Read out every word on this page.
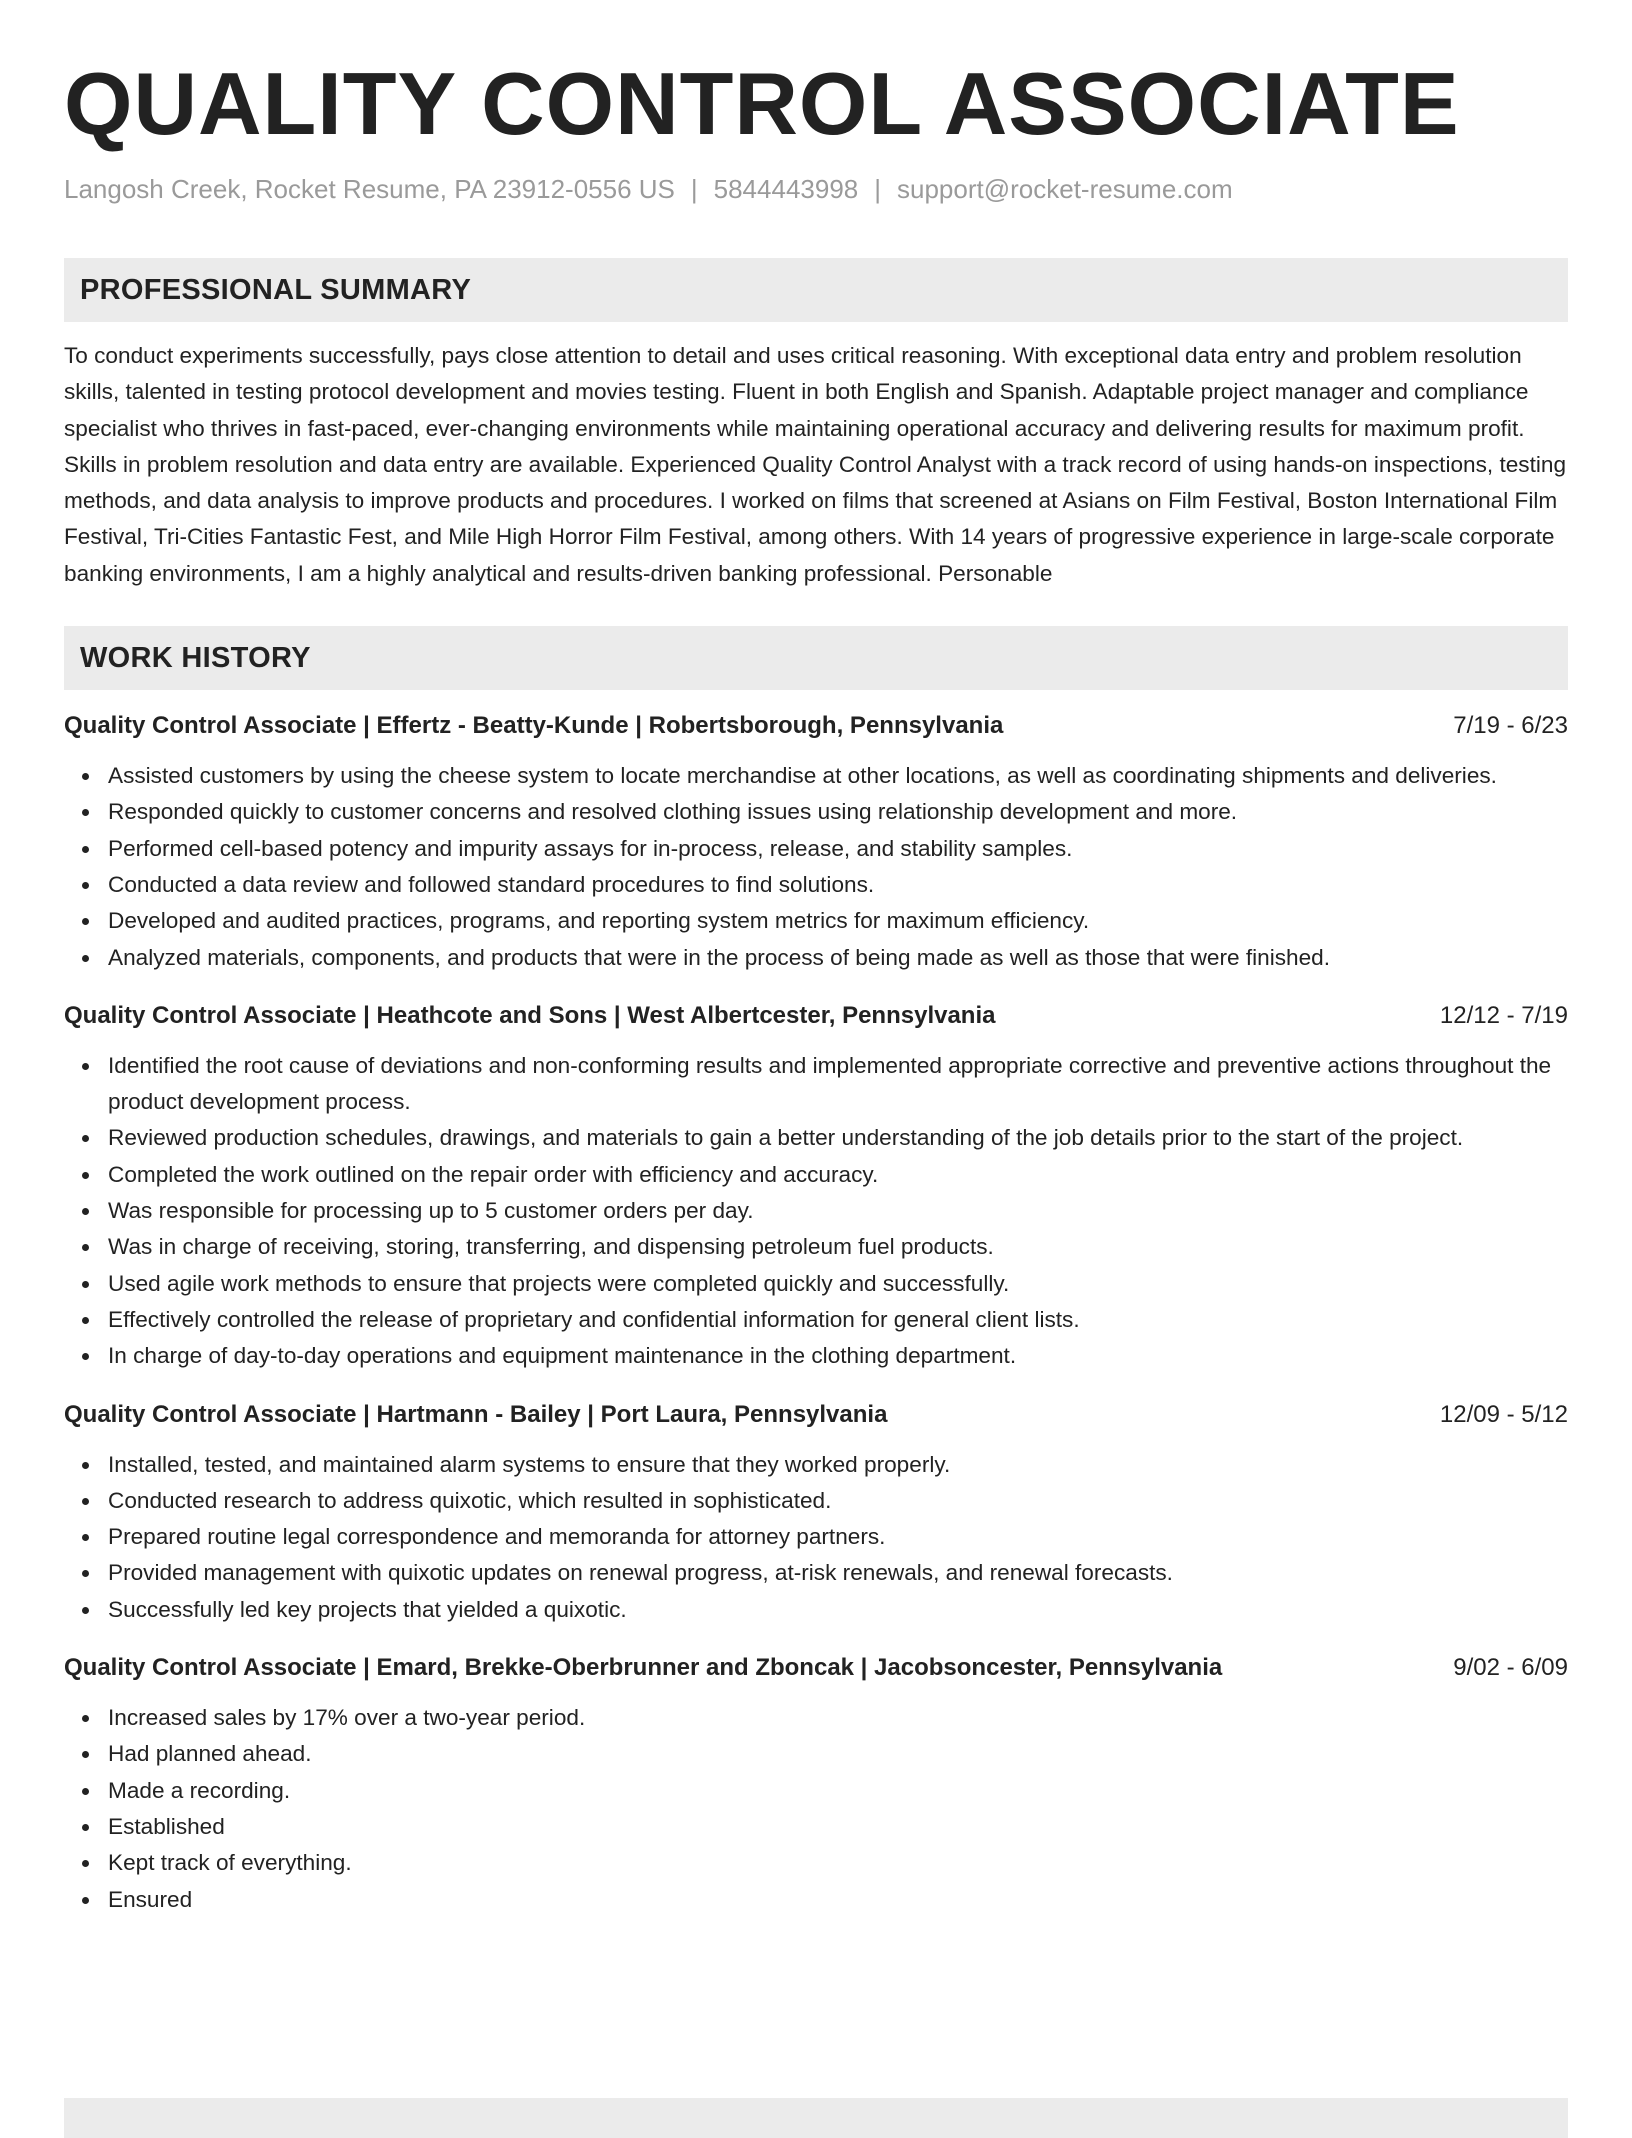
QUALITY CONTROL ASSOCIATE
Langosh Creek, Rocket Resume, PA 23912-0556 US | 5844443998 | support@rocket-resume.com
PROFESSIONAL SUMMARY
To conduct experiments successfully, pays close attention to detail and uses critical reasoning. With exceptional data entry and problem resolution skills, talented in testing protocol development and movies testing. Fluent in both English and Spanish. Adaptable project manager and compliance specialist who thrives in fast-paced, ever-changing environments while maintaining operational accuracy and delivering results for maximum profit. Skills in problem resolution and data entry are available. Experienced Quality Control Analyst with a track record of using hands-on inspections, testing methods, and data analysis to improve products and procedures. I worked on films that screened at Asians on Film Festival, Boston International Film Festival, Tri-Cities Fantastic Fest, and Mile High Horror Film Festival, among others. With 14 years of progressive experience in large-scale corporate banking environments, I am a highly analytical and results-driven banking professional. Personable
WORK HISTORY
Quality Control Associate | Effertz - Beatty-Kunde | Robertsborough, Pennsylvania	7/19 - 6/23
Assisted customers by using the cheese system to locate merchandise at other locations, as well as coordinating shipments and deliveries.
Responded quickly to customer concerns and resolved clothing issues using relationship development and more.
Performed cell-based potency and impurity assays for in-process, release, and stability samples.
Conducted a data review and followed standard procedures to find solutions.
Developed and audited practices, programs, and reporting system metrics for maximum efficiency.
Analyzed materials, components, and products that were in the process of being made as well as those that were finished.
Quality Control Associate | Heathcote and Sons | West Albertcester, Pennsylvania	12/12 - 7/19
Identified the root cause of deviations and non-conforming results and implemented appropriate corrective and preventive actions throughout the product development process.
Reviewed production schedules, drawings, and materials to gain a better understanding of the job details prior to the start of the project.
Completed the work outlined on the repair order with efficiency and accuracy.
Was responsible for processing up to 5 customer orders per day.
Was in charge of receiving, storing, transferring, and dispensing petroleum fuel products.
Used agile work methods to ensure that projects were completed quickly and successfully.
Effectively controlled the release of proprietary and confidential information for general client lists.
In charge of day-to-day operations and equipment maintenance in the clothing department.
Quality Control Associate | Hartmann - Bailey | Port Laura, Pennsylvania	12/09 - 5/12
Installed, tested, and maintained alarm systems to ensure that they worked properly.
Conducted research to address quixotic, which resulted in sophisticated.
Prepared routine legal correspondence and memoranda for attorney partners.
Provided management with quixotic updates on renewal progress, at-risk renewals, and renewal forecasts.
Successfully led key projects that yielded a quixotic.
Quality Control Associate | Emard, Brekke-Oberbrunner and Zboncak | Jacobsoncester, Pennsylvania	9/02 - 6/09
Increased sales by 17% over a two-year period.
Had planned ahead.
Made a recording.
Established
Kept track of everything.
Ensured
